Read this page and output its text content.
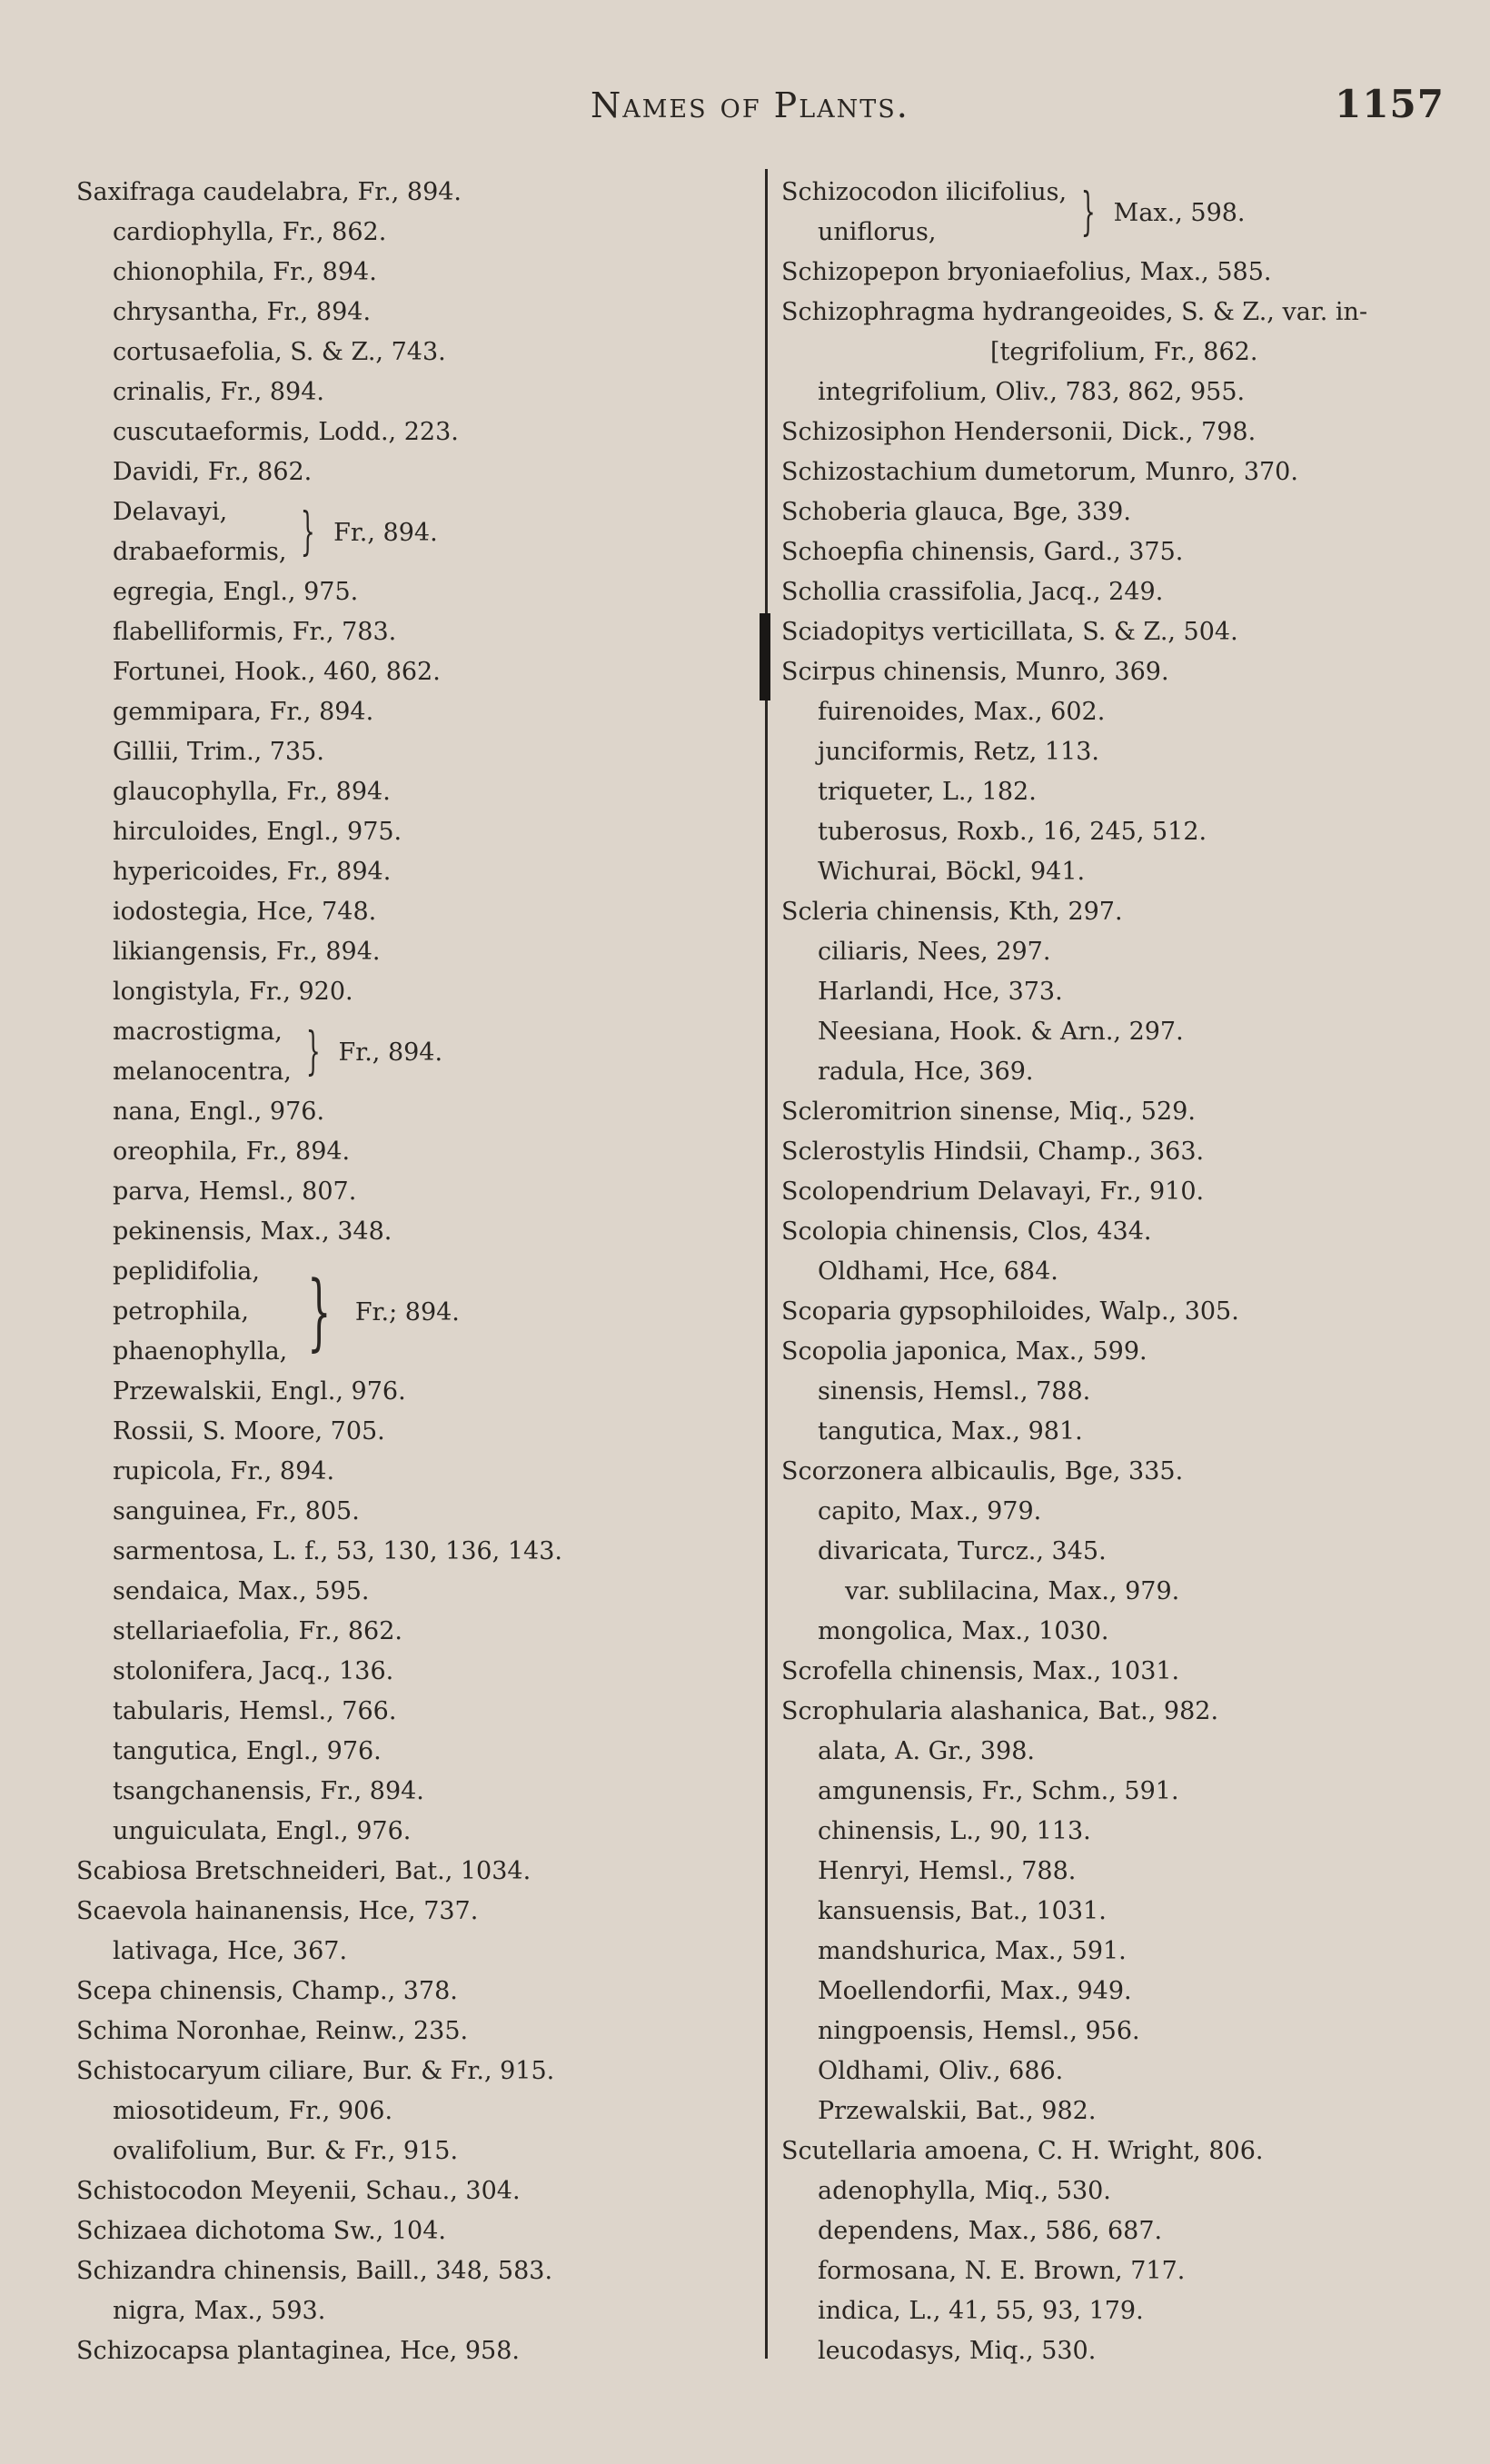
Names of Plants.	1157
Saxifraga caudelabra, Fr., 894.
cardiophylla, Fr., 862.
chionophila, Fr., 894.
chrysantha, Fr., 894.
cortusaefolia, S. & Z., 743.
crinalis, Fr., 894.
cuscutaeformis, Lodd., 223.
Davidi, Fr., 862.
Delavayi,
drabaeformis, } Fr., 894.
egregia, Engl., 975.
flabelliformis, Fr., 783.
Fortunei, Hook., 460, 862.
gemmipara, Fr., 894.
Gillii, Trim., 735.
glaucophylla, Fr., 894.
hirculoides, Engl., 975.
hypericoides, Fr., 894.
iodostegia, Hce, 748.
likiangensis, Fr., 894.
longistyla, Fr., 920.
macrostigma,
melanocentra, } Fr., 894.
nana, Engl., 976.
oreophila, Fr., 894.
parva, Hemsl., 807.
pekinensis, Max., 348.
peplidifolia,
petrophila,
phaenophylla, } Fr.; 894.
Przewalskii, Engl., 976.
Rossii, S. Moore, 705.
rupicola, Fr., 894.
sanguinea, Fr., 805.
sarmentosa, L. f., 53, 130, 136, 143.
sendaica, Max., 595.
stellariaefolia, Fr., 862.
stolonifera, Jacq., 136.
tabularis, Hemsl., 766.
tangutica, Engl., 976.
tsangchanensis, Fr., 894.
unguiculata, Engl., 976.
Scabiosa Bretschneideri, Bat., 1034.
Scaevola hainanensis, Hce, 737.
lativaga, Hce, 367.
Scepa chinensis, Champ., 378.
Schima Noronhae, Reinw., 235.
Schistocaryum ciliare, Bur. & Fr., 915.
miosotideum, Fr., 906.
ovalifolium, Bur. & Fr., 915.
Schistocodon Meyenii, Schau., 304.
Schizaea dichotoma Sw., 104.
Schizandra chinensis, Baill., 348, 583.
nigra, Max., 593.
Schizocapsa plantaginea, Hce, 958.
Schizocodon ilicifolius,
uniflorus,	} Max., 598.
Schizopepon bryoniaefolius, Max., 585.
Schizophragma hydrangeoides, S. & Z., var. in-
[tegrifolium, Fr., 862.
integrifolium, Oliv., 783, 862, 955.
Schizosiphon Hendersonii, Dick., 798.
Schizostachium dumetorum, Munro, 370.
Schoberia glauca, Bge, 339.
Schoepfia chinensis, Gard., 375.
Schollia crassifolia, Jacq., 249.
Sciadopitys verticillata, S. & Z., 504.
Scirpus chinensis, Munro, 369.
fuirenoides, Max., 602.
junciformis, Retz, 113.
triqueter, L., 182.
tuberosus, Roxb., 16, 245, 512.
Wichurai, Böckl, 941.
Scleria chinensis, Kth, 297.
ciliaris, Nees, 297.
Harlandi, Hce, 373.
Neesiana, Hook. & Arn., 297.
radula, Hce, 369.
Scleromitrion sinense, Miq., 529.
Sclerostylis Hindsii, Champ., 363.
Scolopendrium Delavayi, Fr., 910.
Scolopia chinensis, Clos, 434.
Oldhami, Hce, 684.
Scoparia gypsophiloides, Walp., 305.
Scopolia japonica, Max., 599.
sinensis, Hemsl., 788.
tangutica, Max., 981.
Scorzonera albicaulis, Bge, 335.
capito, Max., 979.
divaricata, Turcz., 345.
var. sublilacina, Max., 979.
mongolica, Max., 1030.
Scrofella chinensis, Max., 1031.
Scrophularia alashanica, Bat., 982.
alata, A. Gr., 398.
amgunensis, Fr., Schm., 591.
chinensis, L., 90, 113.
Henryi, Hemsl., 788.
kansuensis, Bat., 1031.
mandshurica, Max., 591.
Moellendorfii, Max., 949.
ningpoensis, Hemsl., 956.
Oldhami, Oliv., 686.
Przewalskii, Bat., 982.
Scutellaria amoena, C. H. Wright, 806.
adenophylla, Miq., 530.
dependens, Max., 586, 687.
formosana, N. E. Brown, 717.
indica, L., 41, 55, 93, 179.
leucodasys, Miq., 530.
